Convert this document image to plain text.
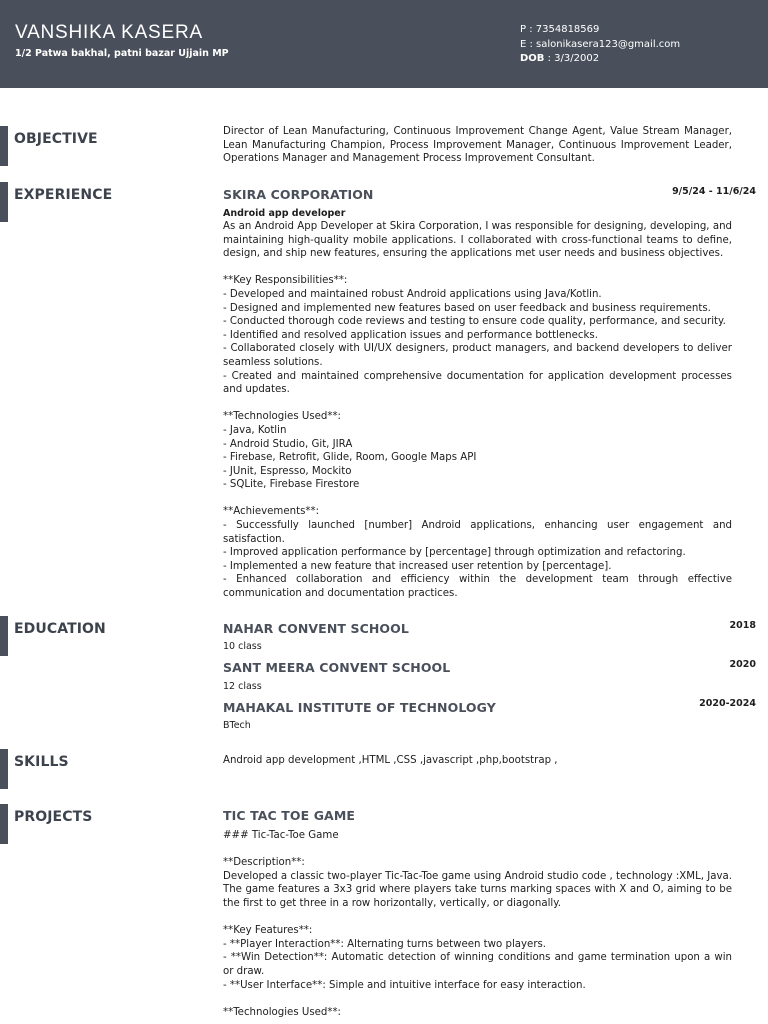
VANSHIKA KASERA
1/2 Patwa bakhal, patni bazar Ujjain MP
P : 7354818569
E : salonikasera123@gmail.com
DOB : 3/3/2002
OBJECTIVE	Director of Lean Manufacturing, Continuous Improvement Change Agent, Value Stream Manager, Lean Manufacturing Champion, Process Improvement Manager, Continuous Improvement Leader, Operations Manager and Management Process Improvement Consultant.
EXPERIENCE	SKIRA CORPORATION	9/5/24 - 11/6/24
Android app developer

As an Android App Developer at Skira Corporation, I was responsible for designing, developing, and maintaining high-quality mobile applications. I collaborated with cross-functional teams to define, design, and ship new features, ensuring the applications met user needs and business objectives.

**Key Responsibilities**:

- Developed and maintained robust Android applications using Java/Kotlin.

- Designed and implemented new features based on user feedback and business requirements.

- Conducted thorough code reviews and testing to ensure code quality, performance, and security.

- Identified and resolved application issues and performance bottlenecks.

- Collaborated closely with UI/UX designers, product managers, and backend developers to deliver seamless solutions.

- Created and maintained comprehensive documentation for application development processes and updates.

**Technologies Used**:

- Java, Kotlin

- Android Studio, Git, JIRA

- Firebase, Retrofit, Glide, Room, Google Maps API

- JUnit, Espresso, Mockito

- SQLite, Firebase Firestore

**Achievements**:

- Successfully launched [number] Android applications, enhancing user engagement and satisfaction.

- Improved application performance by [percentage] through optimization and refactoring.

- Implemented a new feature that increased user retention by [percentage].

- Enhanced collaboration and efficiency within the development team through effective communication and documentation practices.

EDUCATION	NAHAR CONVENT SCHOOL	2018
10 class
SANT MEERA CONVENT SCHOOL	2020
12 class
MAHAKAL INSTITUTE OF TECHNOLOGY	2020-2024
BTech
SKILLS	Android app development ,HTML ,CSS ,javascript ,php,bootstrap ,
PROJECTS	TIC TAC TOE GAME

### Tic-Tac-Toe Game

**Description**:

Developed a classic two-player Tic-Tac-Toe game using Android studio code , technology :XML, Java. The game features a 3x3 grid where players take turns marking spaces with X and O, aiming to be the first to get three in a row horizontally, vertically, or diagonally.

**Key Features**:

- **Player Interaction**: Alternating turns between two players.

- **Win Detection**: Automatic detection of winning conditions and game termination upon a win or draw.

- **User Interface**: Simple and intuitive interface for easy interaction.

**Technologies Used**:
